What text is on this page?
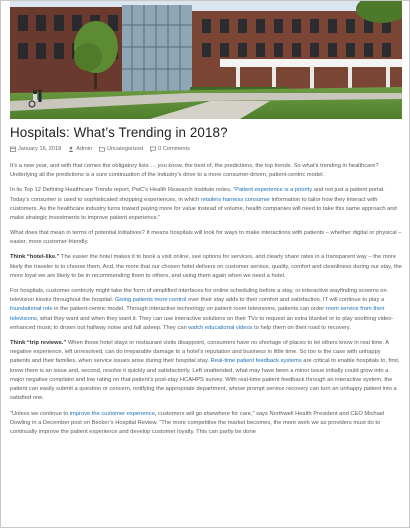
Hospitals: What’s Trending in 2018?
January 16, 2018	Admin	Uncategorized	0 Comments

It’s a new year, and with that comes the obligatory lists … you know, the best of, the predictions, the top trends. So what’s trending in healthcare? Underlying all the predictions is a sure continuation of the industry’s drive to a more consumer-driven, patient-centric model.

In its Top 12 Defining Healthcare Trends report, PwC’s Health Research Institute notes, “Patient experience is a priority and not just a patient portal. Today’s consumer is used to sophisticated shopping experiences, in which retailers harness consumer information to tailor how they interact with customers. As the healthcare industry turns toward paying more for value instead of volume, health companies will need to take this same approach and make strategic investments to improve patient experience.”

What does that mean in terms of potential initiatives? It means hospitals will look for ways to make interactions with patients – whether digital or physical – easier, more customer-friendly.

Think “hotel-like.” The easier the hotel makes it to book a visit online, see options for services, and clearly share rates in a transparent way – the more likely the traveler is to choose them. And, the more that our chosen hotel delivers on customer service, quality, comfort and cleanliness during our stay, the more loyal we are likely to be in recommending them to others, and using them again when we need a hotel.

For hospitals, customer centricity might take the form of simplified interfaces for online scheduling before a stay, or interactive wayfinding screens on television kiosks throughout the hospital. Giving patients more control over their stay adds to their comfort and satisfaction. IT will continue to play a foundational role in the patient-centric model. Through interactive technology on patient room televisions, patients can order room service from their televisions, what they want and when they want it. They can use interactive solutions on their TVs to request an extra blanket or to play soothing video-enhanced music to drown out hallway noise and fall asleep. They can watch educational videos to help them on their road to recovery.

Think “trip reviews.” When those hotel stays or restaurant visits disappoint, consumers have no shortage of places to let others know in real time. A negative experience, left unresolved, can do irreparable damage to a hotel’s reputation and business in little time. So too is the case with unhappy patients and their families, when service issues arise during their hospital stay. Real-time patient feedback systems are critical to enable hospitals to, first, know there is an issue and, second, resolve it quickly and satisfactorily. Left unattended, what may have been a minor issue initially could grow into a major negative complaint and low rating on that patient’s post-stay HCAHPS survey. With real-time patient feedback through an interactive system, the patient can easily submit a question or concern, notifying the appropriate department, whose prompt service recovery can turn an unhappy patient into a satisfied one.

“Unless we continue to improve the customer experience, customers will go elsewhere for care,” says Northwell Health President and CEO Michael Dowling in a December post on Becker’s Hospital Review. “The more competitive the market becomes, the more work we as providers must do to continually improve the patient experience and develop customer loyalty. This can partly be done
